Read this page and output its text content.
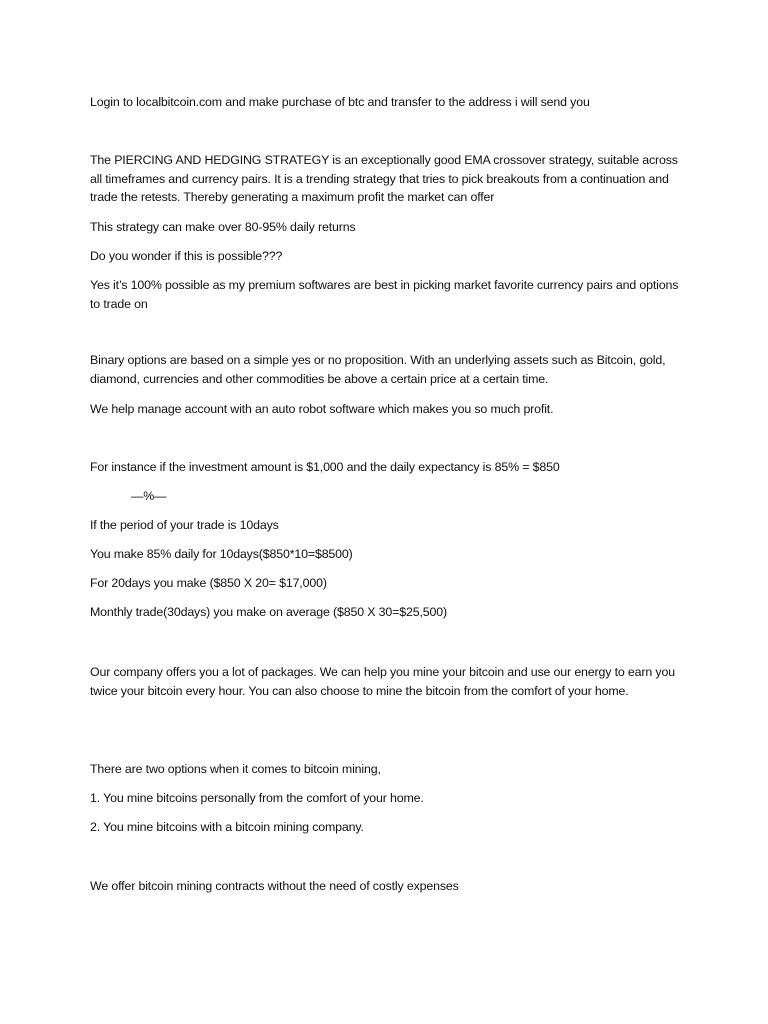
Login to localbitcoin.com and make purchase of btc and transfer to the address i will send you

The PIERCING AND HEDGING STRATEGY is an exceptionally good EMA crossover strategy, suitable across all timeframes and currency pairs. It is a trending strategy that tries to pick breakouts from a continuation and trade the retests. Thereby generating a maximum profit the market can offer

This strategy can make over 80-95% daily returns

Do you wonder if this is possible???

Yes it’s 100% possible as my premium softwares are best in picking market favorite currency pairs and options to trade on

Binary options are based on a simple yes or no proposition. With an underlying assets such as Bitcoin, gold, diamond, currencies and other commodities be above a certain price at a certain time.

We help manage account with an auto robot software which makes you so much profit.

For instance if the investment amount is $1,000 and the daily expectancy is 85% = $850

—%—

If the period of your trade is 10days

You make 85% daily for 10days($850*10=$8500)

For 20days you make ($850 X 20= $17,000)

Monthly trade(30days) you make on average ($850 X 30=$25,500)

Our company offers you a lot of packages. We can help you mine your bitcoin and use our energy to earn you twice your bitcoin every hour. You can also choose to mine the bitcoin from the comfort of your home.

There are two options when it comes to bitcoin mining,

1. You mine bitcoins personally from the comfort of your home.

2. You mine bitcoins with a bitcoin mining company.

We offer bitcoin mining contracts without the need of costly expenses
